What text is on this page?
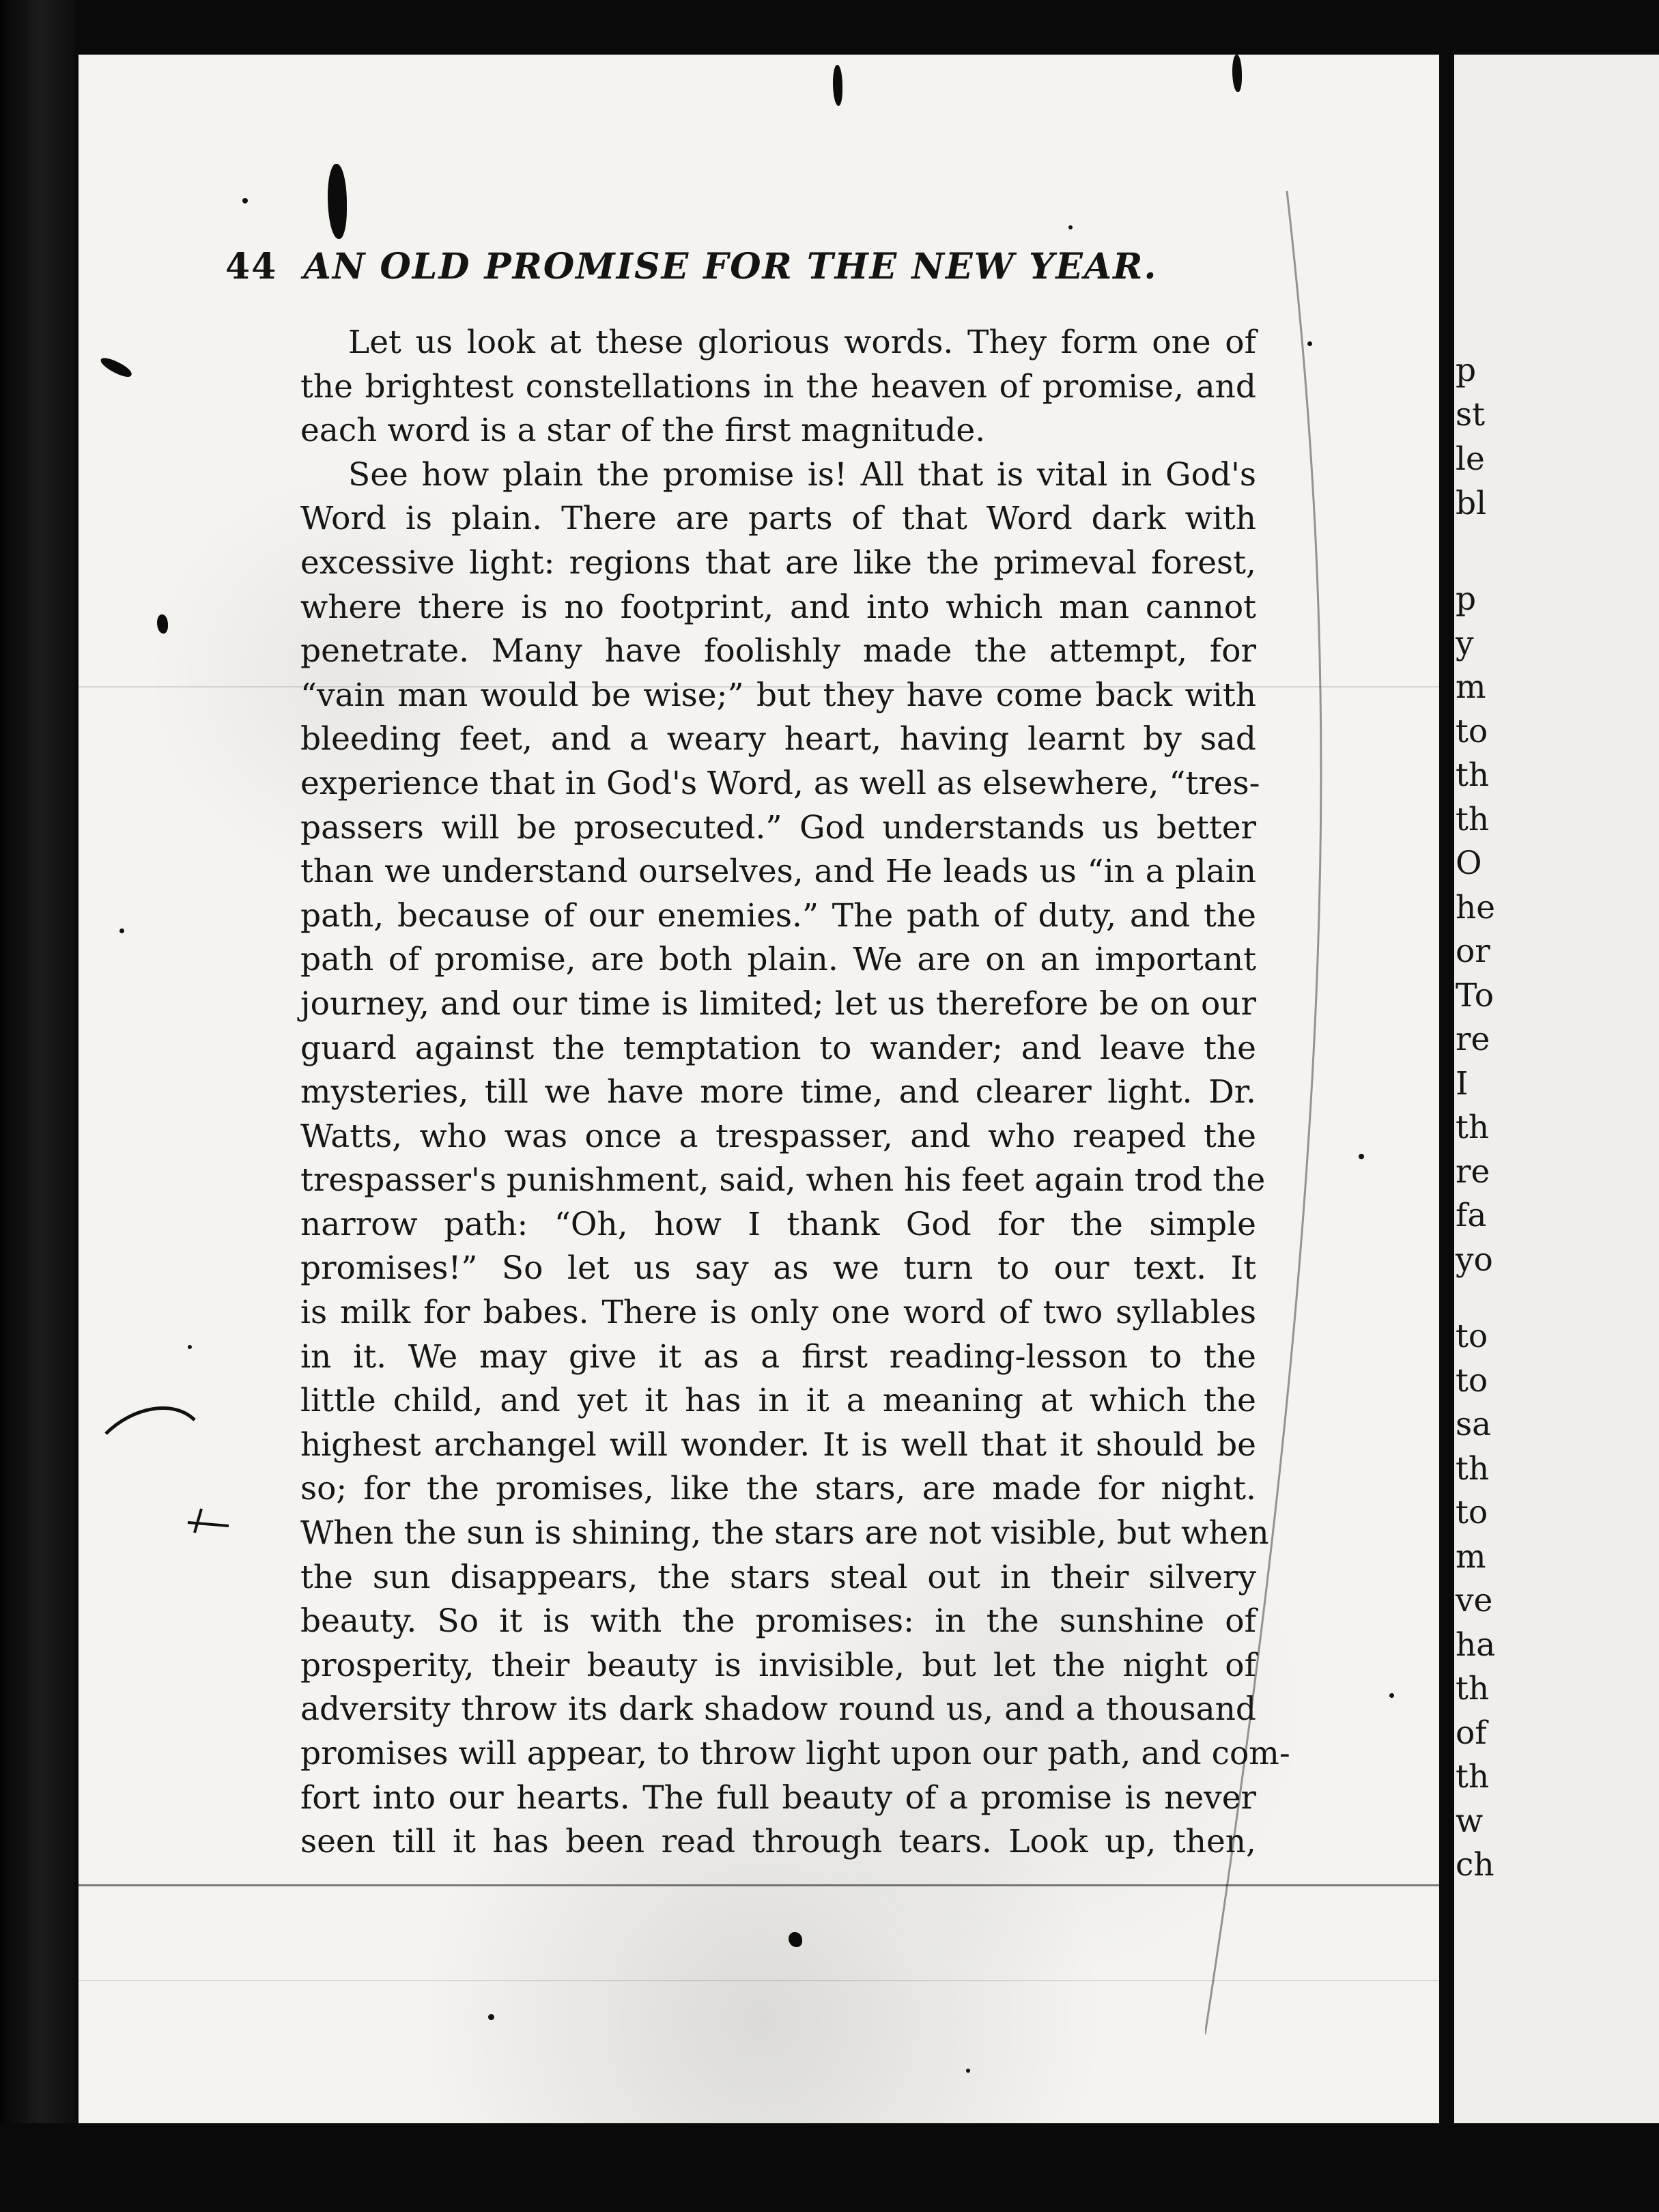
44 AN OLD PROMISE FOR THE NEW YEAR.
Let us look at these glorious words. They form one of
the brightest constellations in the heaven of promise, and
each word is a star of the first magnitude.
See how plain the promise is! All that is vital in God's
Word is plain. There are parts of that Word dark with
excessive light: regions that are like the primeval forest,
where there is no footprint, and into which man cannot
penetrate. Many have foolishly made the attempt, for
“vain man would be wise;” but they have come back with
bleeding feet, and a weary heart, having learnt by sad
experience that in God's Word, as well as elsewhere, “tres-
passers will be prosecuted.” God understands us better
than we understand ourselves, and He leads us “in a plain
path, because of our enemies.” The path of duty, and the
path of promise, are both plain. We are on an important
journey, and our time is limited; let us therefore be on our
guard against the temptation to wander; and leave the
mysteries, till we have more time, and clearer light. Dr.
Watts, who was once a trespasser, and who reaped the
trespasser's punishment, said, when his feet again trod the
narrow path: “Oh, how I thank God for the simple
promises!” So let us say as we turn to our text. It
is milk for babes. There is only one word of two syllables
in it. We may give it as a first reading-lesson to the
little child, and yet it has in it a meaning at which the
highest archangel will wonder. It is well that it should be
so; for the promises, like the stars, are made for night.
When the sun is shining, the stars are not visible, but when
the sun disappears, the stars steal out in their silvery
beauty. So it is with the promises: in the sunshine of
prosperity, their beauty is invisible, but let the night of
adversity throw its dark shadow round us, and a thousand
promises will appear, to throw light upon our path, and com-
fort into our hearts. The full beauty of a promise is never
seen till it has been read through tears. Look up, then,
p
st
le
bl
p
y
m
to
th
th
O
he
or
To
re
I
th
re
fa
yo
to
to
sa
th
to
m
ve
ha
th
of
th
w
ch
